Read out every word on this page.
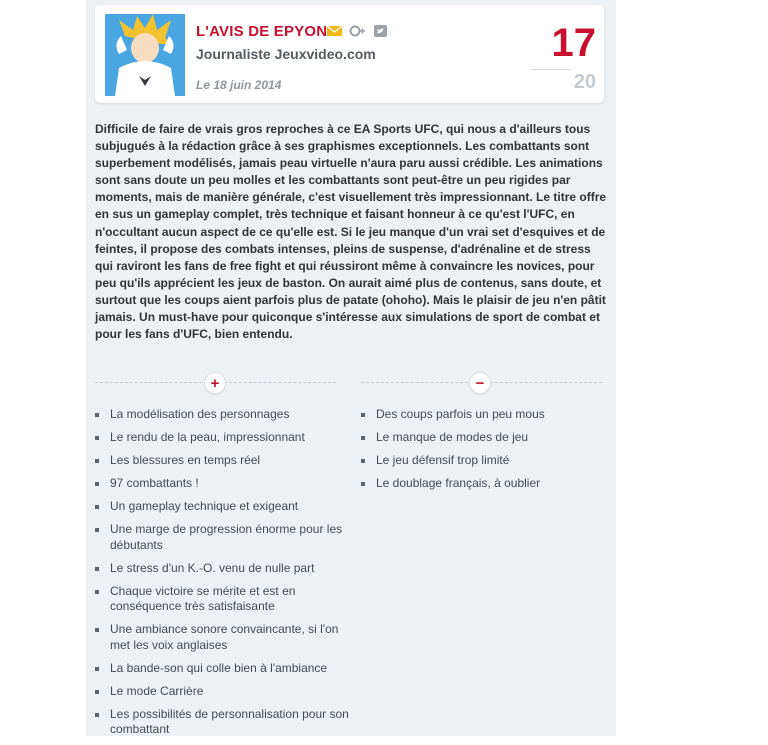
L'AVIS DE EPYON
Journaliste Jeuxvideo.com
Le 18 juin 2014
17
20

Difficile de faire de vrais gros reproches à ce EA Sports UFC, qui nous a d'ailleurs tous subjugués à la rédaction grâce à ses graphismes exceptionnels. Les combattants sont superbement modélisés, jamais peau virtuelle n'aura paru aussi crédible. Les animations sont sans doute un peu molles et les combattants sont peut-être un peu rigides par moments, mais de manière générale, c'est visuellement très impressionnant. Le titre offre en sus un gameplay complet, très technique et faisant honneur à ce qu'est l'UFC, en n'occultant aucun aspect de ce qu'elle est. Si le jeu manque d'un vrai set d'esquives et de feintes, il propose des combats intenses, pleins de suspense, d'adrénaline et de stress qui raviront les fans de free fight et qui réussiront même à convaincre les novices, pour peu qu'ils apprécient les jeux de baston. On aurait aimé plus de contenus, sans doute, et surtout que les coups aient parfois plus de patate (ohoho). Mais le plaisir de jeu n'en pâtit jamais. Un must-have pour quiconque s'intéresse aux simulations de sport de combat et pour les fans d'UFC, bien entendu.

+	−
La modélisation des personnages
Le rendu de la peau, impressionnant
Les blessures en temps réel
97 combattants !
Un gameplay technique et exigeant
Une marge de progression énorme pour les débutants
Le stress d'un K.-O. venu de nulle part
Chaque victoire se mérite et est en conséquence très satisfaisante
Une ambiance sonore convaincante, si l'on met les voix anglaises
La bande-son qui colle bien à l'ambiance
Le mode Carrière
Les possibilités de personnalisation pour son combattant
Des coups parfois un peu mous
Le manque de modes de jeu
Le jeu défensif trop limité
Le doublage français, à oublier
